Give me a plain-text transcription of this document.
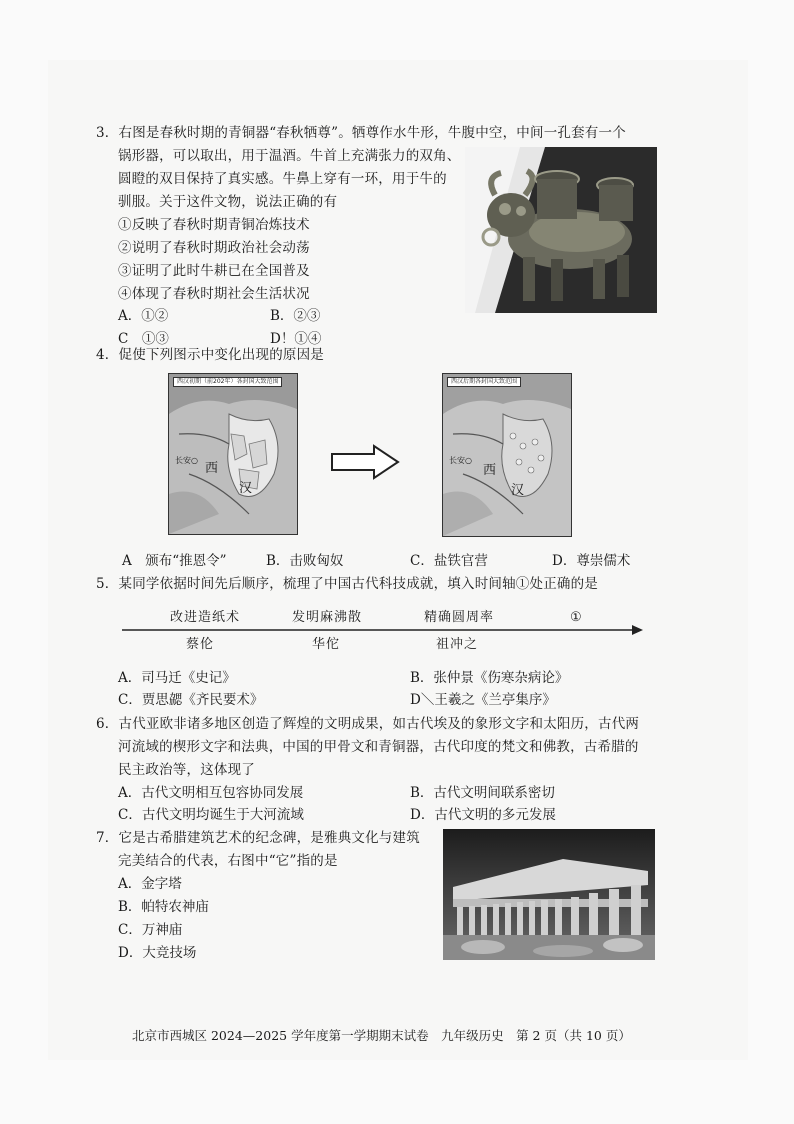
3．右图是春秋时期的青铜器“春秋牺尊”。牺尊作水牛形，牛腹中空，中间一孔套有一个
锅形器，可以取出，用于温酒。牛首上充满张力的双角、
圆瞪的双目保持了真实感。牛鼻上穿有一环，用于牛的
驯服。关于这件文物，说法正确的有
①反映了春秋时期青铜冶炼技术
②说明了春秋时期政治社会动荡
③证明了此时牛耕已在全国普及
④体现了春秋时期社会生活状况
A．①②	B．②③
C　①③	D！①④
4．促使下列图示中变化出现的原因是
西汉初期（前202年）各封国大致范围
长安○
西
汉
西汉后期各封国大致范围
长安○
西
汉
A　颁布“推恩令”	B．击败匈奴	C．盐铁官营	D．尊崇儒术
5．某同学依据时间先后顺序，梳理了中国古代科技成就，填入时间轴①处正确的是
改进造纸术	发明麻沸散	精确圆周率	①
蔡伦	华佗	祖冲之
A．司马迁《史记》	B．张仲景《伤寒杂病论》
C．贾思勰《齐民要术》	D＼王羲之《兰亭集序》
6．古代亚欧非诸多地区创造了辉煌的文明成果，如古代埃及的象形文字和太阳历，古代两
河流域的楔形文字和法典，中国的甲骨文和青铜器，古代印度的梵文和佛教，古希腊的
民主政治等，这体现了
A．古代文明相互包容协同发展	B．古代文明间联系密切
C．古代文明均诞生于大河流域	D．古代文明的多元发展
7．它是古希腊建筑艺术的纪念碑，是雅典文化与建筑
完美结合的代表，右图中“它”指的是
A．金字塔
B．帕特农神庙
C．万神庙
D．大竞技场
北京市西城区 2024—2025 学年度第一学期期末试卷　九年级历史　第 2 页（共 10 页）
